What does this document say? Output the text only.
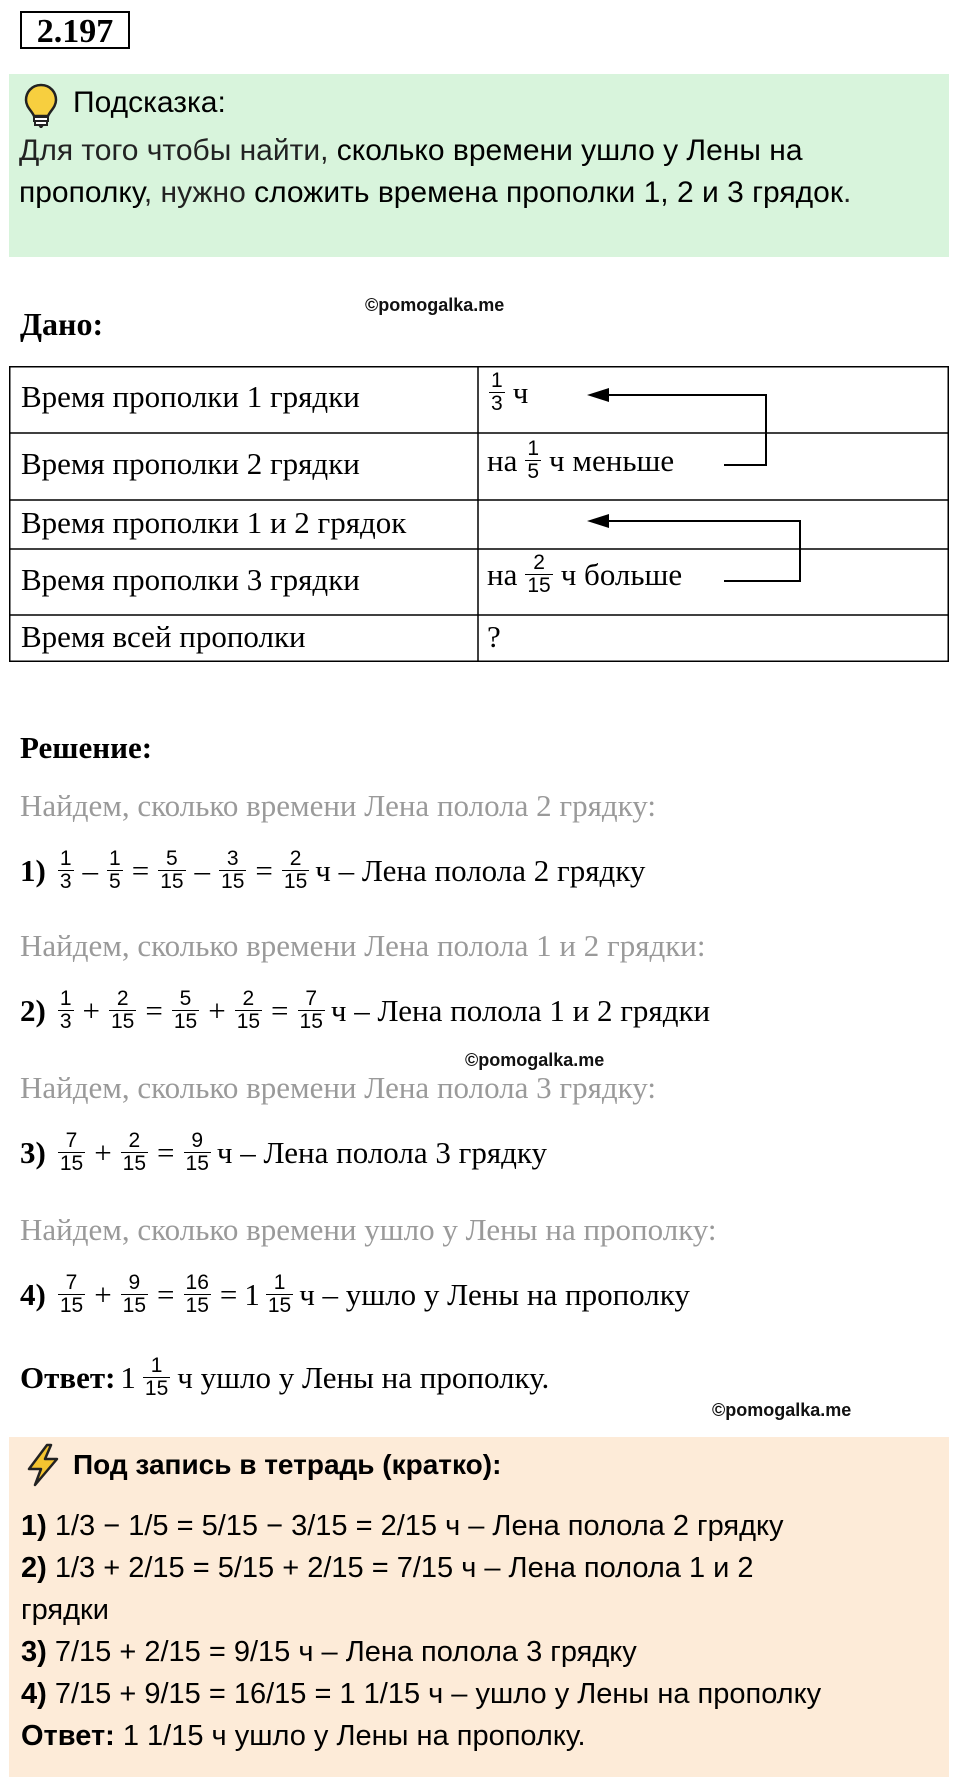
2.197
Подсказка:
Для того чтобы найти, сколько времени ушло у Лены на прополку, нужно сложить времена прополки 1, 2 и 3 грядок.
©pomogalka.me
Дано:
Время прополки 1 грядки	$\frac{1}{3}$ ч
Время прополки 2 грядки	на $\frac{1}{5}$ ч меньше
Время прополки 1 и 2 грядок
Время прополки 3 грядки	на $\frac{2}{15}$ ч больше
Время всей прополки	?
Решение:
Найдем, сколько времени Лена полола 2 грядку:
$1) \frac{1}{3} - \frac{1}{5} = \frac{5}{15} - \frac{3}{15} = \frac{2}{15}$ ч – Лена полола 2 грядку
Найдем, сколько времени Лена полола 1 и 2 грядки:
$2) \frac{1}{3} + \frac{2}{15} = \frac{5}{15} + \frac{2}{15} = \frac{7}{15}$ ч – Лена полола 1 и 2 грядки
©pomogalka.me
Найдем, сколько времени Лена полола 3 грядку:
$3) \frac{7}{15} + \frac{2}{15} = \frac{9}{15}$ ч – Лена полола 3 грядку
Найдем, сколько времени ушло у Лены на прополку:
$4) \frac{7}{15} + \frac{9}{15} = \frac{16}{15} = 1 \frac{1}{15}$ ч – ушло у Лены на прополку
Ответ: $1 \frac{1}{15}$ ч ушло у Лены на прополку.
©pomogalka.me
Под запись в тетрадь (кратко):
1) 1/3 − 1/5 = 5/15 − 3/15 = 2/15 ч – Лена полола 2 грядку
2) 1/3 + 2/15 = 5/15 + 2/15 = 7/15 ч – Лена полола 1 и 2
грядки
3) 7/15 + 2/15 = 9/15 ч – Лена полола 3 грядку
4) 7/15 + 9/15 = 16/15 = 1 1/15 ч – ушло у Лены на прополку
Ответ: 1 1/15 ч ушло у Лены на прополку.
